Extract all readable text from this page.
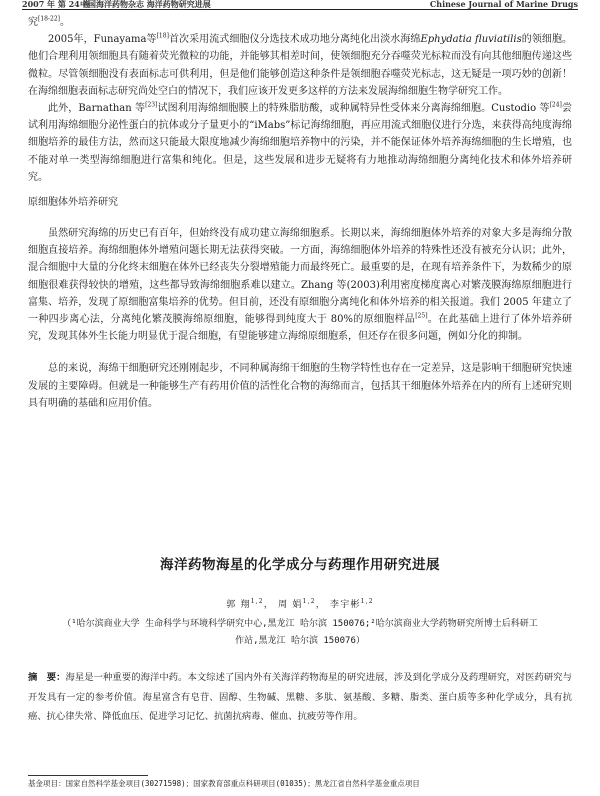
2007 年 第 24 卷
中国海洋药物杂志 海洋药物研究进展	Chinese Journal of Marine Drugs

究[18-22]。

2005年，Funayama等[18]首次采用流式细胞仪分选技术成功地分离纯化出淡水海绵Ephydatia fluviatilis的领细胞。他们合理利用领细胞具有随着荧光微粒的功能，并能够其相差时间，使领细胞充分吞噬荧光标粒而没有向其他细胞传递这些微粒。尽管领细胞没有表面标志可供利用，但是他们能够创造这种条件是领细胞吞噬荧光标志，这无疑是一项巧妙的创新！在海绵细胞表面标志研究尚处空白的情况下，我们应该开发更多这样的方法来发展海绵细胞生物学研究工作。

此外，Barnathan 等[23]试图利用海绵细胞膜上的特殊脂肪酸，或种属特异性受体来分离海绵细胞。Custodio 等[24]尝试利用海绵细胞分泌性蛋白的抗体或分子量更小的“iMabs”标记海绵细胞，再应用流式细胞仪进行分选，来获得高纯度海绵细胞培养的最佳方法，然而这只能最大限度地减少海绵细胞培养物中的污染，并不能保证体外培养海绵细胞的生长增殖，也不能对单一类型海绵细胞进行富集和纯化。但是，这些发展和进步无疑将有力地推动海绵细胞分离纯化技术和体外培养研究。

原细胞体外培养研究

虽然研究海绵的历史已有百年，但始终没有成功建立海绵细胞系。长期以来，海绵细胞体外培养的对象大多是海绵分散细胞直接培养。海绵细胞体外增殖问题长期无法获得突破。一方面，海绵细胞体外培养的特殊性还没有被充分认识；此外，混合细胞中大量的分化终末细胞在体外已经丧失分裂增殖能力而最终死亡。最重要的是，在现有培养条件下，为数稀少的原细胞很难获得较快的增殖，这些都导致海绵细胞系难以建立。Zhang 等(2003)利用密度梯度离心对繁茂膜海绵原细胞进行富集、培养，发现了原细胞富集培养的优势。但目前，还没有原细胞分离纯化和体外培养的相关报道。我们 2005 年建立了一种四步离心法，分离纯化繁茂膜海绵原细胞，能够得到纯度大于 80%的原细胞样品[25]。在此基础上进行了体外培养研究，发现其体外生长能力明显优于混合细胞，有望能够建立海绵原细胞系，但还存在很多问题，例如分化的抑制。

总的来说，海绵干细胞研究还刚刚起步，不同种属海绵干细胞的生物学特性也存在一定差异，这是影响干细胞研究快速发展的主要障碍。但就是一种能够生产有药用价值的活性化合物的海绵而言，包括其干细胞体外培养在内的所有上述研究则具有明确的基础和应用价值。

海洋药物海星的化学成分与药理作用研究进展
郭 翔$^{1,2}$， 周 娟$^{1,2}$， 李宇彬$^{1,2}$
（¹哈尔滨商业大学 生命科学与环境科学研究中心,黑龙江 哈尔滨 150076;²哈尔滨商业大学药物研究所博士后科研工作站,黑龙江 哈尔滨 150076）
摘　要：海星是一种重要的海洋中药。本文综述了国内外有关海洋药物海星的研究进展，涉及到化学成分及药理研究，对医药研究与开发具有一定的参考价值。海星富含有皂苷、固醇、生物碱、黑糖、多肽、氨基酸、多糖、脂类、蛋白质等多种化学成分，具有抗癌、抗心律失常、降低血压、促进学习记忆、抗菌抗病毒、催血、抗疲劳等作用。
基金项目：国家自然科学基金项目(30271598)；国家教育部重点科研项目(01035)；黑龙江省自然科学基金重点项目
